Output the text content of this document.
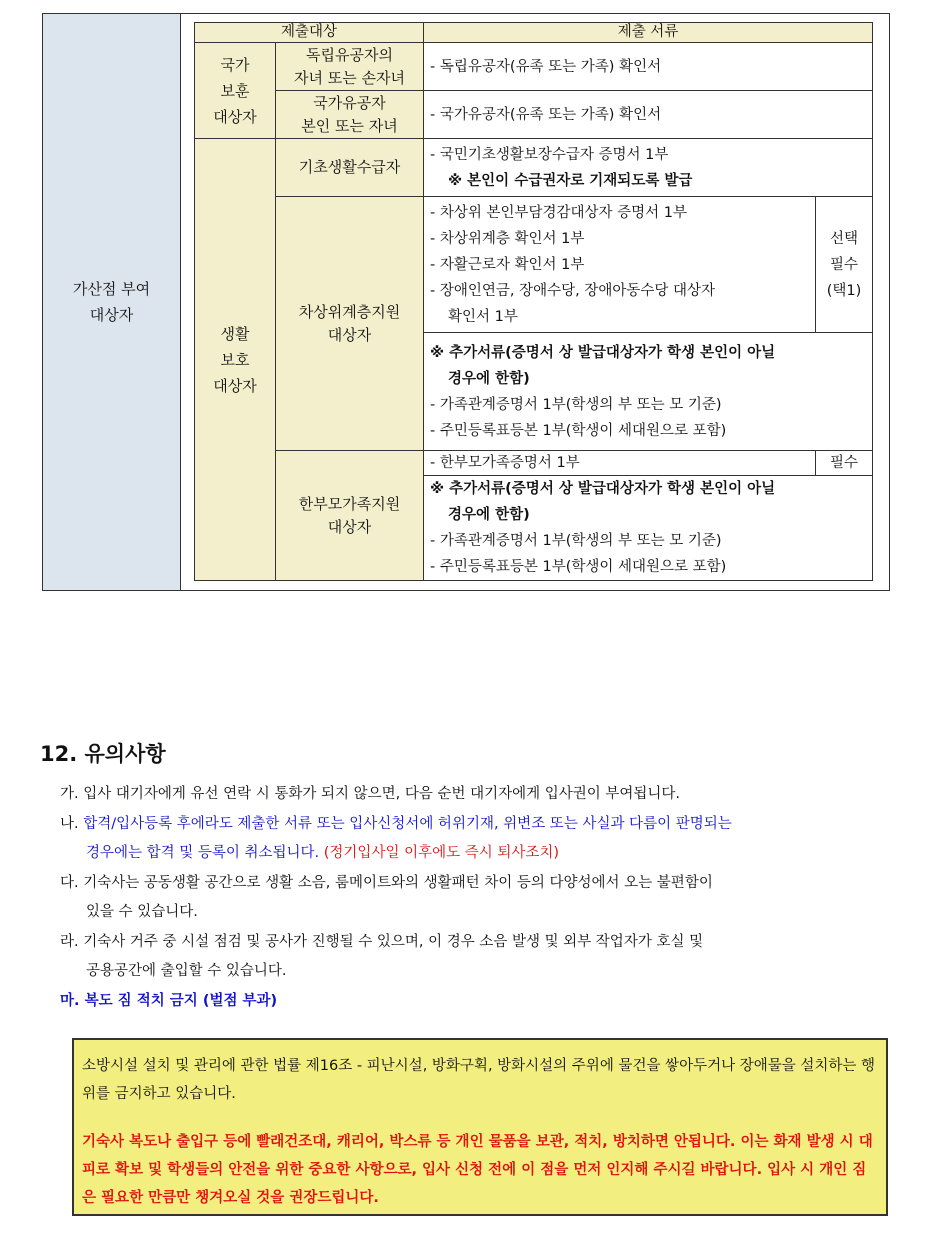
가산점 부여
대상자
제출대상		제출 서류	
국가
보훈
대상자	독립유공자의
자녀 또는 손자녀	- 독립유공자(유족 또는 가족) 확인서	

	국가유공자
본인 또는 자녀	- 국가유공자(유족 또는 가족) 확인서	

생활
보호
대상자	기초생활수급자	- 국민기초생활보장수급자 증명서 1부
※ 본인이 수급권자로 기재되도록 발급	

	차상위계층지원
대상자	- 차상위 본인부담경감대상자 증명서 1부
- 차상위계층 확인서 1부
- 자활근로자 확인서 1부
- 장애인연금, 장애수당, 장애아동수당 대상자
확인서 1부	선택
필수
(택1)

		※ 추가서류(증명서 상 발급대상자가 학생 본인이 아닐
경우에 한함)
- 가족관계증명서 1부(학생의 부 또는 모 기준)
- 주민등록표등본 1부(학생이 세대원으로 포함)	

	한부모가족지원
대상자	- 한부모가족증명서 1부	필수

		※ 추가서류(증명서 상 발급대상자가 학생 본인이 아닐
경우에 한함)
- 가족관계증명서 1부(학생의 부 또는 모 기준)
- 주민등록표등본 1부(학생이 세대원으로 포함)	
12. 유의사항
가. 입사 대기자에게 유선 연락 시 통화가 되지 않으면, 다음 순번 대기자에게 입사권이 부여됩니다.
나. 합격/입사등록 후에라도 제출한 서류 또는 입사신청서에 허위기재, 위변조 또는 사실과 다름이 판명되는
경우에는 합격 및 등록이 취소됩니다. (정기입사일 이후에도 즉시 퇴사조치)
다. 기숙사는 공동생활 공간으로 생활 소음, 룸메이트와의 생활패턴 차이 등의 다양성에서 오는 불편함이
있을 수 있습니다.
라. 기숙사 거주 중 시설 점검 및 공사가 진행될 수 있으며, 이 경우 소음 발생 및 외부 작업자가 호실 및
공용공간에 출입할 수 있습니다.
마. 복도 짐 적치 금지 (벌점 부과)

소방시설 설치 및 관리에 관한 법률 제16조 - 피난시설, 방화구획, 방화시설의 주위에 물건을 쌓아두거나 장애물을 설치하는 행위를 금지하고 있습니다.

기숙사 복도나 출입구 등에 빨래건조대, 캐리어, 박스류 등 개인 물품을 보관, 적치, 방치하면 안됩니다. 이는 화재 발생 시 대피로 확보 및 학생들의 안전을 위한 중요한 사항으로, 입사 신청 전에 이 점을 먼저 인지해 주시길 바랍니다. 입사 시 개인 짐은 필요한 만큼만 챙겨오실 것을 권장드립니다.
